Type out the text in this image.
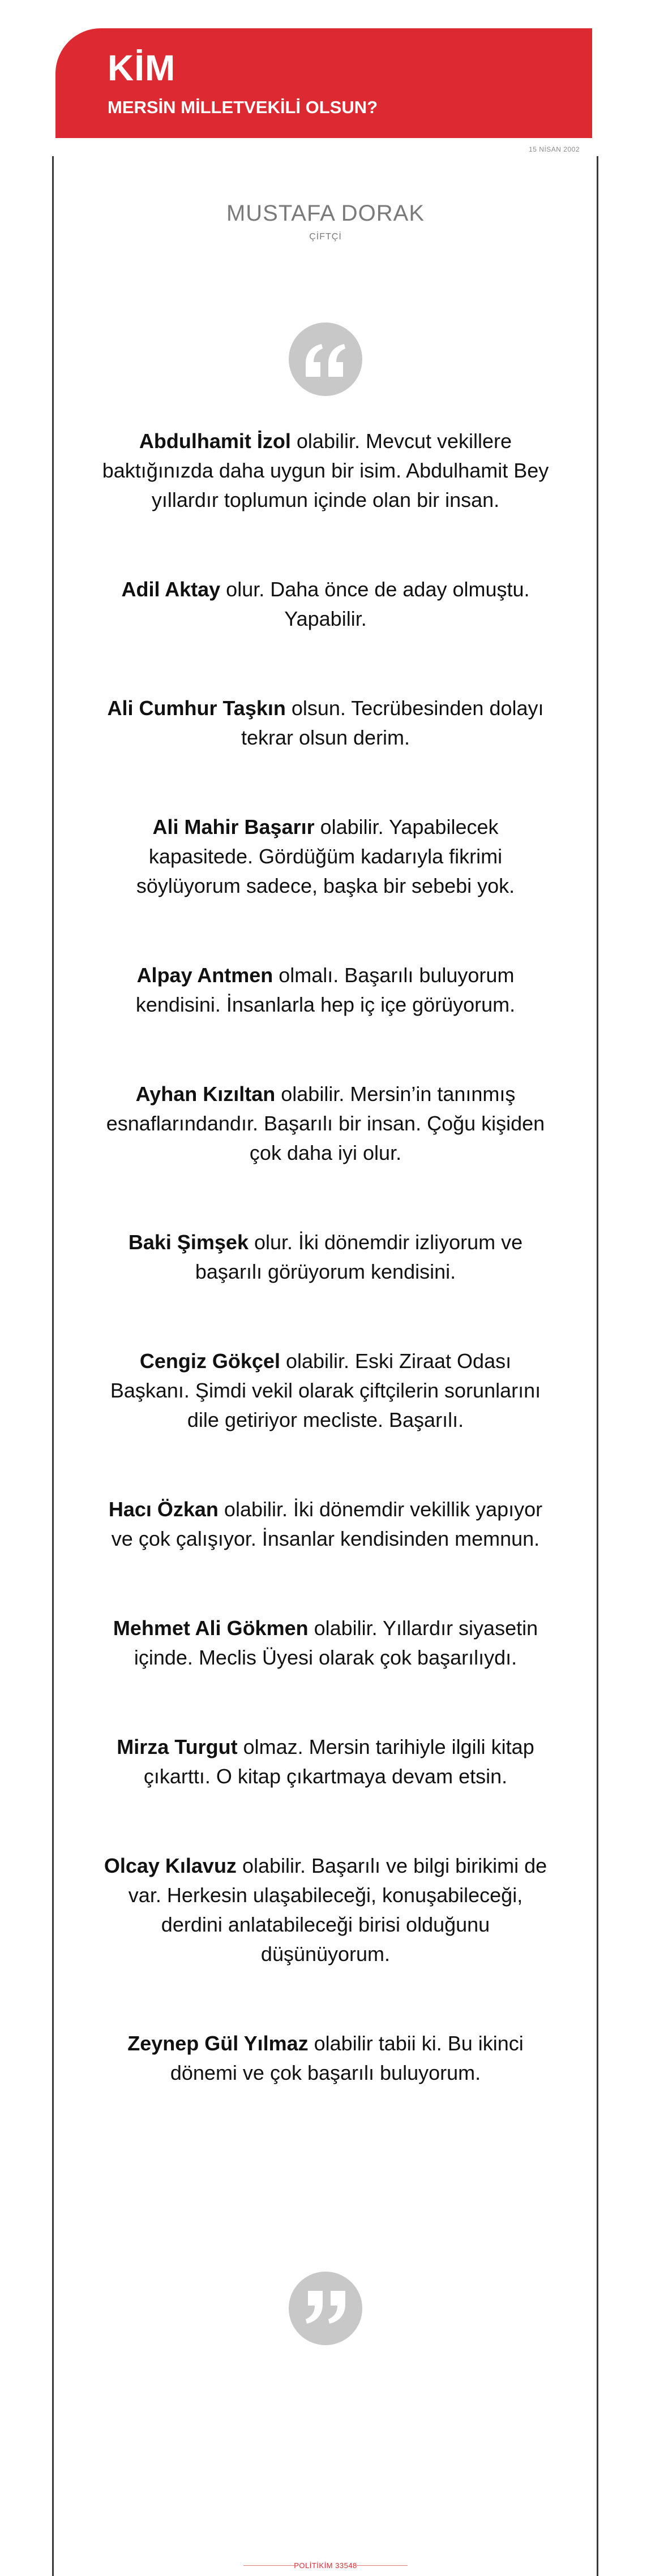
KİM
MERSİN MİLLETVEKİLİ OLSUN?
15 NİSAN 2002
MUSTAFA DORAK
ÇİFTÇİ

Abdulhamit İzol olabilir. Mevcut vekillere baktığınızda daha uygun bir isim. Abdulhamit Bey yıllardır toplumun içinde olan bir insan.

Adil Aktay olur. Daha önce de aday olmuştu. Yapabilir.

Ali Cumhur Taşkın olsun. Tecrübesinden dolayı tekrar olsun derim.

Ali Mahir Başarır olabilir. Yapabilecek kapasitede. Gördüğüm kadarıyla fikrimi söylüyorum sadece, başka bir sebebi yok.

Alpay Antmen olmalı. Başarılı buluyorum kendisini. İnsanlarla hep iç içe görüyorum.

Ayhan Kızıltan olabilir. Mersin’in tanınmış esnaflarındandır. Başarılı bir insan. Çoğu kişiden çok daha iyi olur.

Baki Şimşek olur. İki dönemdir izliyorum ve başarılı görüyorum kendisini.

Cengiz Gökçel olabilir. Eski Ziraat Odası Başkanı. Şimdi vekil olarak çiftçilerin sorunlarını dile getiriyor mecliste. Başarılı.

Hacı Özkan olabilir. İki dönemdir vekillik yapıyor ve çok çalışıyor. İnsanlar kendisinden memnun.

Mehmet Ali Gökmen olabilir. Yıllardır siyasetin içinde. Meclis Üyesi olarak çok başarılıydı.

Mirza Turgut olmaz. Mersin tarihiyle ilgili kitap çıkarttı. O kitap çıkartmaya devam etsin.

Olcay Kılavuz olabilir. Başarılı ve bilgi birikimi de var. Herkesin ulaşabileceği, konuşabileceği, derdini anlatabileceği birisi olduğunu düşünüyorum.

Zeynep Gül Yılmaz olabilir tabii ki. Bu ikinci dönemi ve çok başarılı buluyorum.

POLİTİKİM 33548
